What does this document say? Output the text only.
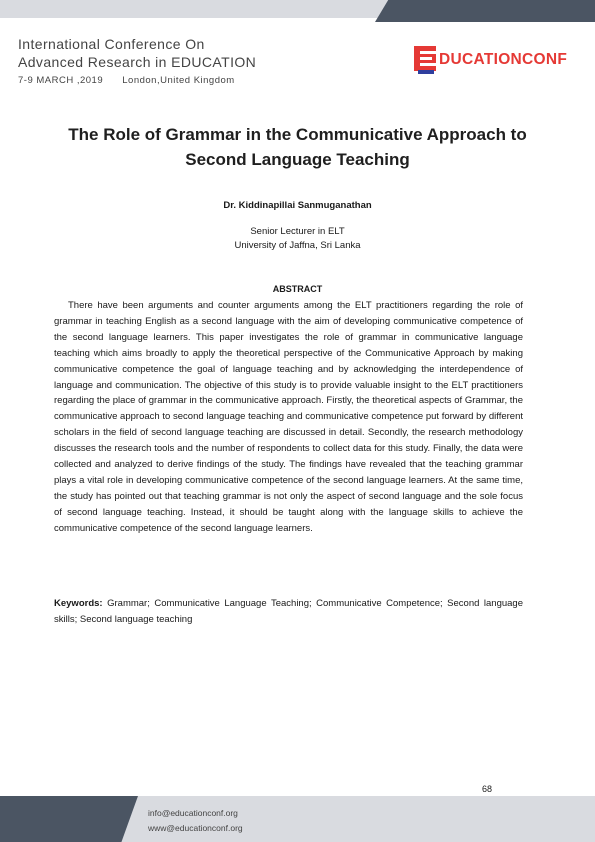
International Conference On
Advanced Research in EDUCATION
7-9 MARCH ,2019 London,United Kingdom
DUCATIONCONF
The Role of Grammar in the Communicative Approach to Second Language Teaching
Dr. Kiddinapillai Sanmuganathan
Senior Lecturer in ELT
University of Jaffna, Sri Lanka
ABSTRACT

There have been arguments and counter arguments among the ELT practitioners regarding the role of grammar in teaching English as a second language with the aim of developing communicative competence of the second language learners. This paper investigates the role of grammar in communicative language teaching which aims broadly to apply the theoretical perspective of the Communicative Approach by making communicative competence the goal of language teaching and by acknowledging the interdependence of language and communication. The objective of this study is to provide valuable insight to the ELT practitioners regarding the place of grammar in the communicative approach. Firstly, the theoretical aspects of Grammar, the communicative approach to second language teaching and communicative competence put forward by different scholars in the field of second language teaching are discussed in detail. Secondly, the research methodology discusses the research tools and the number of respondents to collect data for this study. Finally, the data were collected and analyzed to derive findings of the study. The findings have revealed that the teaching grammar plays a vital role in developing communicative competence of the second language learners. At the same time, the study has pointed out that teaching grammar is not only the aspect of second language and the sole focus of second language teaching. Instead, it should be taught along with the language skills to achieve the communicative competence of the second language learners.

Keywords: Grammar; Communicative Language Teaching; Communicative Competence; Second language skills; Second language teaching
68
info@educationconf.org
www@educationconf.org
